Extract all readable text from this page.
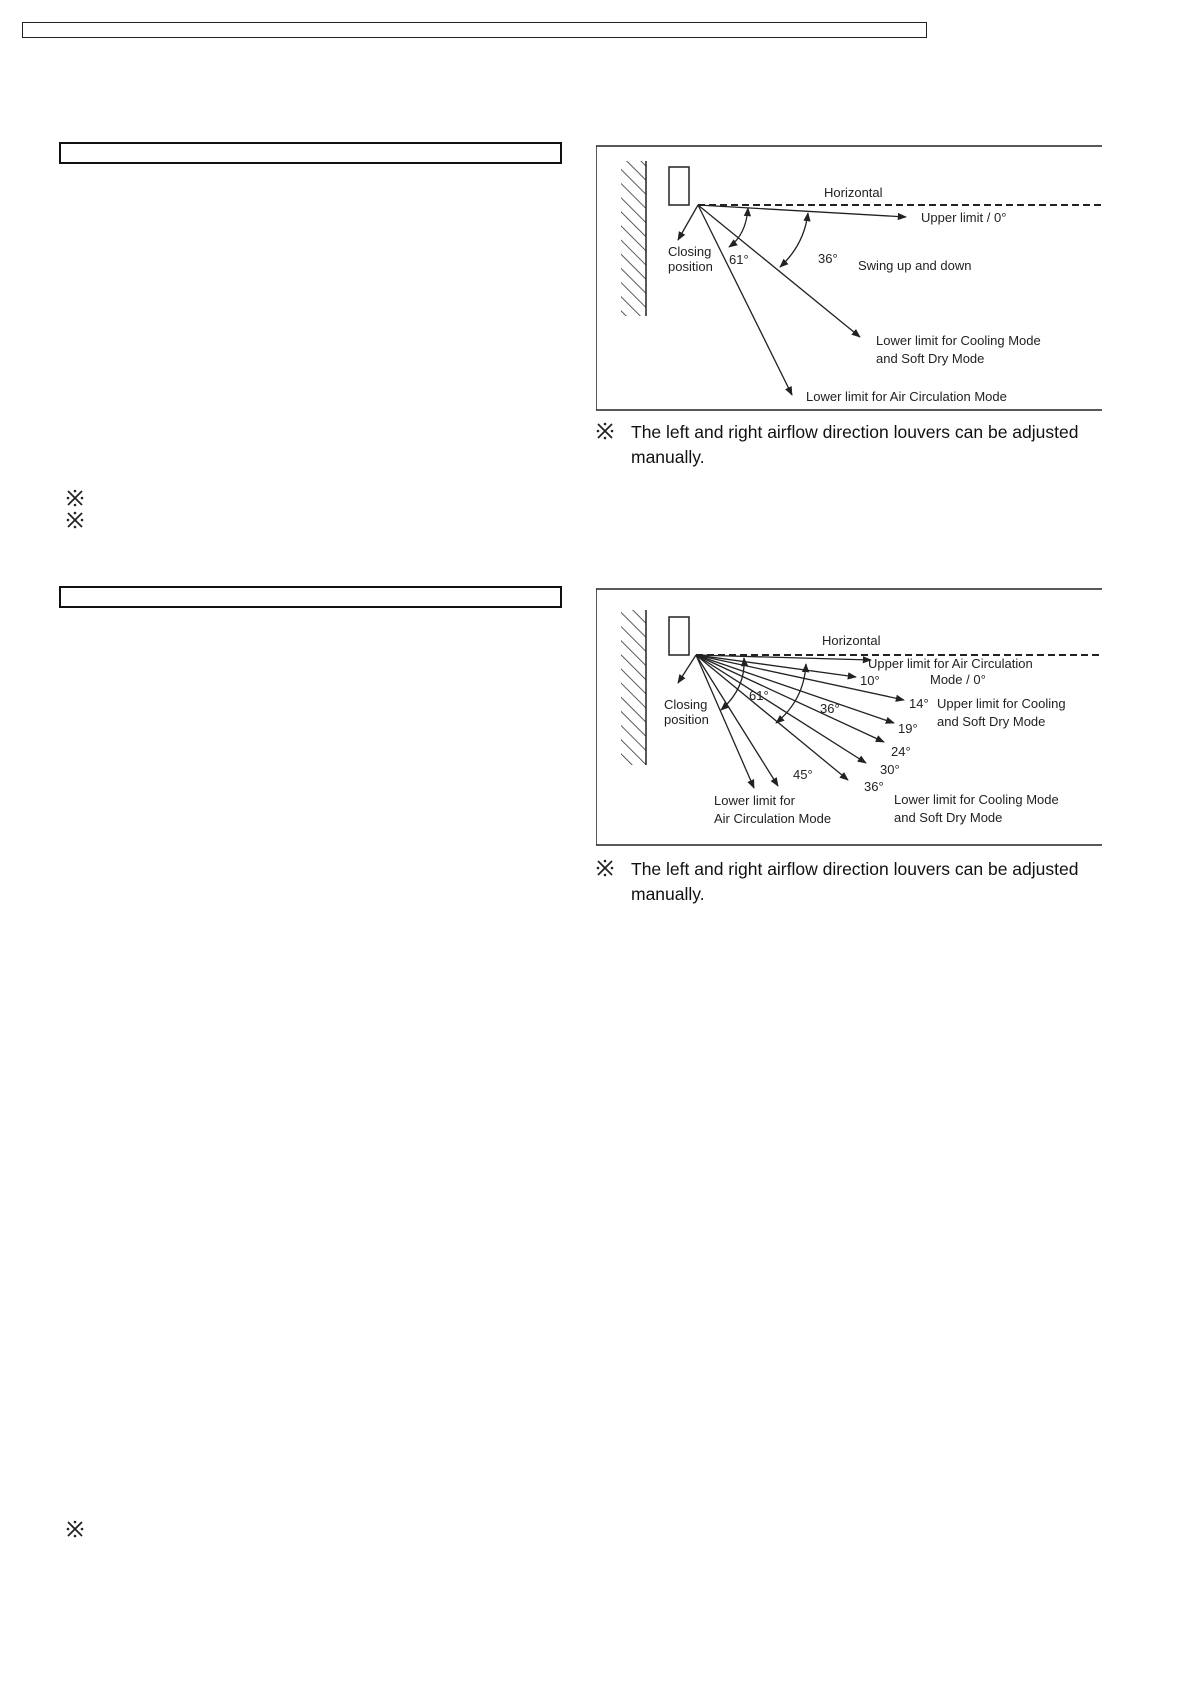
Horizontal
Upper limit / 0°
Closing
position 61°	36° Swing up and down
Lower limit for Cooling Mode
and Soft Dry Mode
Lower limit for Air Circulation Mode
The left and right airflow direction louvers can be adjusted manually.
Horizontal
Upper limit for Air Circulation
Mode / 0°
10°
14° Upper limit for Cooling
and Soft Dry Mode
19°
24°
30°
36°
45°
61°
36°
Closing
position
Lower limit for
Air Circulation Mode
Lower limit for Cooling Mode
and Soft Dry Mode
The left and right airflow direction louvers can be adjusted manually.
